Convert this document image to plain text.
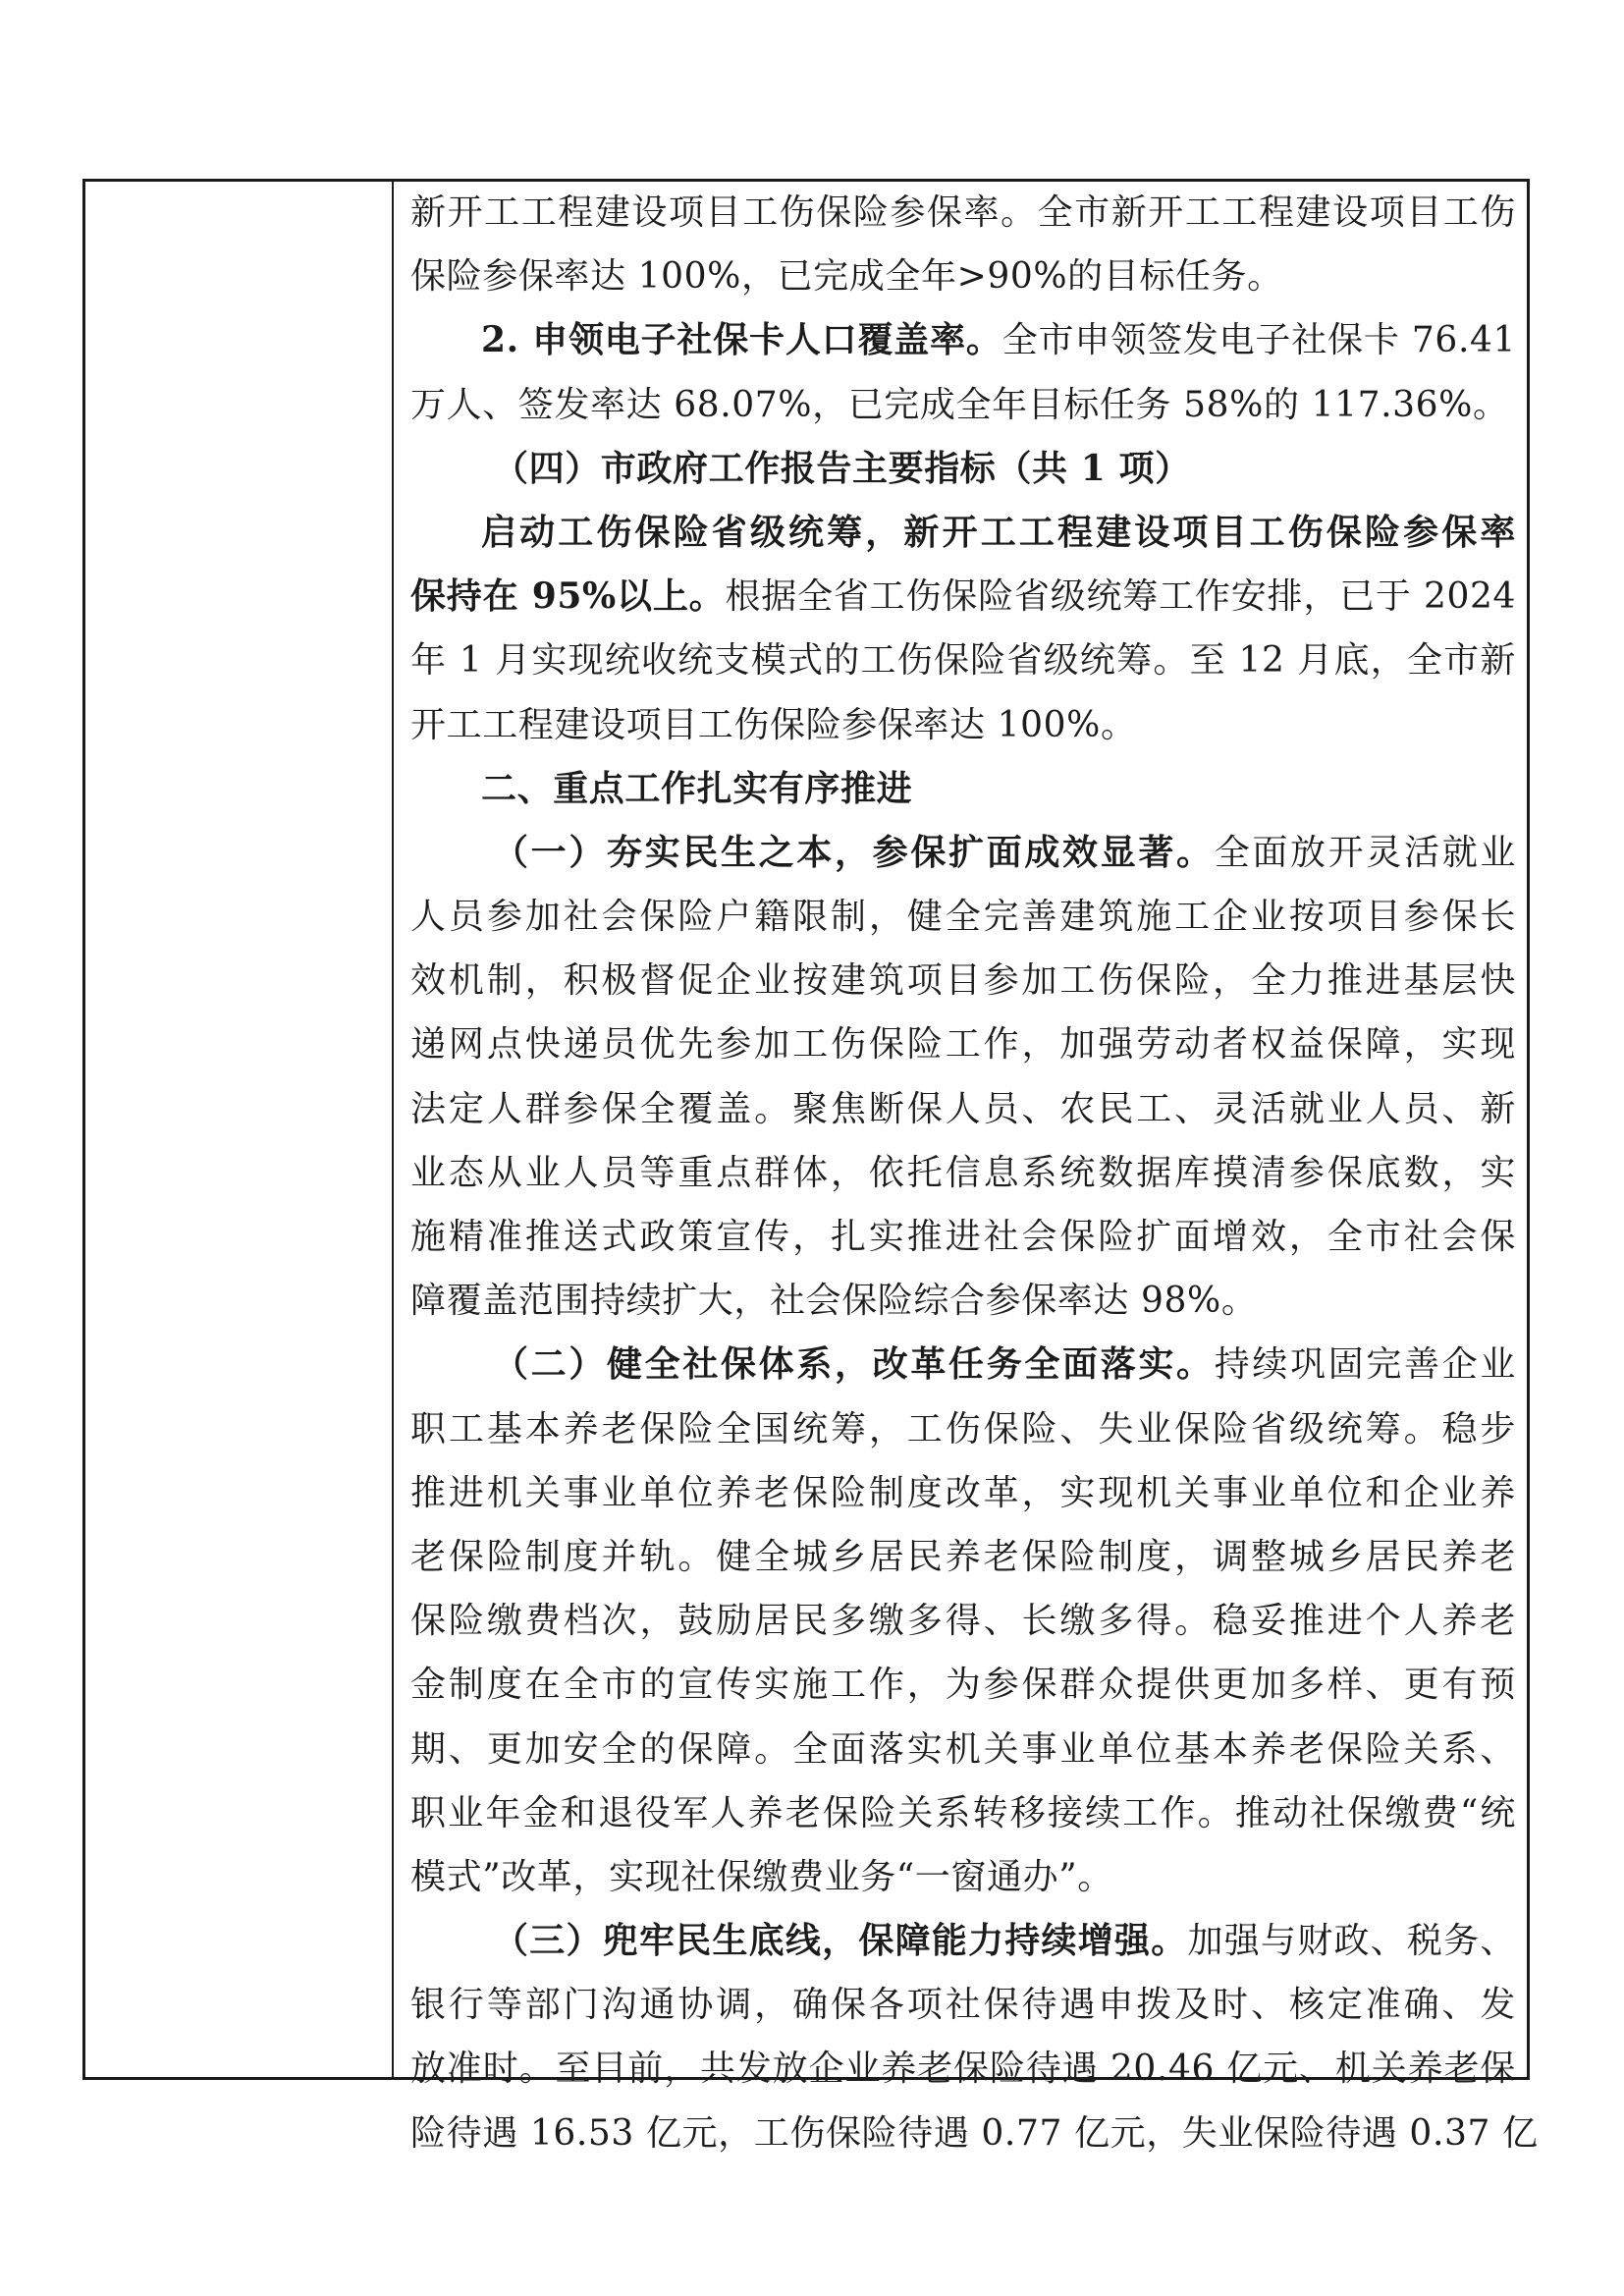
新开工工程建设项目工伤保险参保率。全市新开工工程建设项目工伤
保险参保率达 100%，已完成全年>90%的目标任务。
2. 申领电子社保卡人口覆盖率。全市申领签发电子社保卡 76.41
万人、签发率达 68.07%，已完成全年目标任务 58%的 117.36%。
（四）市政府工作报告主要指标（共 1 项）
启动工伤保险省级统筹，新开工工程建设项目工伤保险参保率
保持在 95%以上。根据全省工伤保险省级统筹工作安排，已于 2024
年 1 月实现统收统支模式的工伤保险省级统筹。至 12 月底，全市新
开工工程建设项目工伤保险参保率达 100%。
二、重点工作扎实有序推进
（一）夯实民生之本，参保扩面成效显著。全面放开灵活就业
人员参加社会保险户籍限制，健全完善建筑施工企业按项目参保长
效机制，积极督促企业按建筑项目参加工伤保险，全力推进基层快
递网点快递员优先参加工伤保险工作，加强劳动者权益保障，实现
法定人群参保全覆盖。聚焦断保人员、农民工、灵活就业人员、新
业态从业人员等重点群体，依托信息系统数据库摸清参保底数，实
施精准推送式政策宣传，扎实推进社会保险扩面增效，全市社会保
障覆盖范围持续扩大，社会保险综合参保率达 98%。
（二）健全社保体系，改革任务全面落实。持续巩固完善企业
职工基本养老保险全国统筹，工伤保险、失业保险省级统筹。稳步
推进机关事业单位养老保险制度改革，实现机关事业单位和企业养
老保险制度并轨。健全城乡居民养老保险制度，调整城乡居民养老
保险缴费档次，鼓励居民多缴多得、长缴多得。稳妥推进个人养老
金制度在全市的宣传实施工作，为参保群众提供更加多样、更有预
期、更加安全的保障。全面落实机关事业单位基本养老保险关系、
职业年金和退役军人养老保险关系转移接续工作。推动社保缴费“统
模式”改革，实现社保缴费业务“一窗通办”。
（三）兜牢民生底线，保障能力持续增强。加强与财政、税务、
银行等部门沟通协调，确保各项社保待遇申拨及时、核定准确、发
放准时。至目前，共发放企业养老保险待遇 20.46 亿元、机关养老保
险待遇 16.53 亿元，工伤保险待遇 0.77 亿元，失业保险待遇 0.37 亿
